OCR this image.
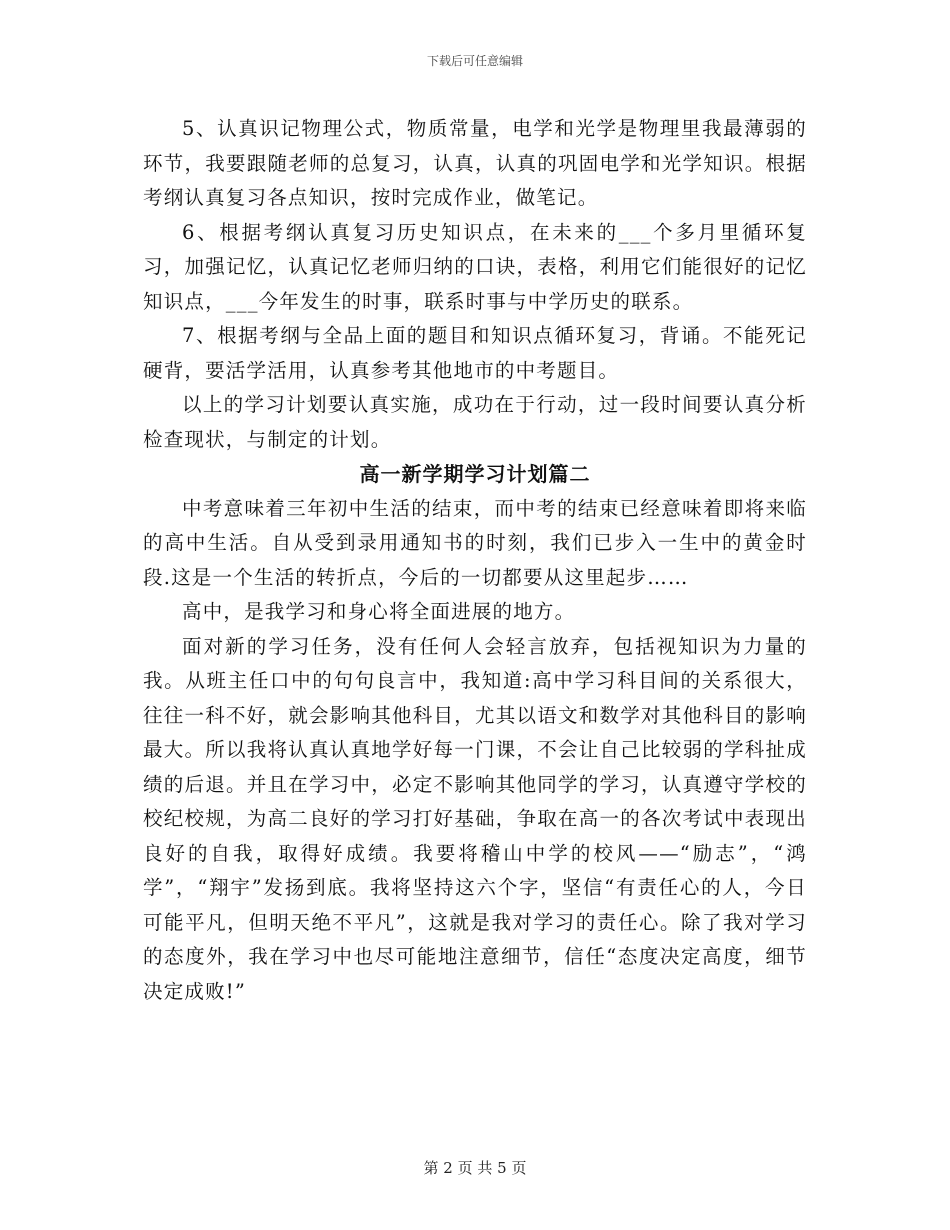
下载后可任意编辑

5、认真识记物理公式，物质常量，电学和光学是物理里我最薄弱的环节，我要跟随老师的总复习，认真，认真的巩固电学和光学知识。根据考纲认真复习各点知识，按时完成作业，做笔记。

6、根据考纲认真复习历史知识点，在未来的___个多月里循环复习，加强记忆，认真记忆老师归纳的口诀，表格，利用它们能很好的记忆知识点，___今年发生的时事，联系时事与中学历史的联系。

7、根据考纲与全品上面的题目和知识点循环复习，背诵。不能死记硬背，要活学活用，认真参考其他地市的中考题目。

以上的学习计划要认真实施，成功在于行动，过一段时间要认真分析检查现状，与制定的计划。

高一新学期学习计划篇二

中考意味着三年初中生活的结束，而中考的结束已经意味着即将来临的高中生活。自从受到录用通知书的时刻，我们已步入一生中的黄金时段.这是一个生活的转折点，今后的一切都要从这里起步……

高中，是我学习和身心将全面进展的地方。

面对新的学习任务，没有任何人会轻言放弃，包括视知识为力量的我。从班主任口中的句句良言中，我知道:高中学习科目间的关系很大，往往一科不好，就会影响其他科目，尤其以语文和数学对其他科目的影响最大。所以我将认真认真地学好每一门课，不会让自己比较弱的学科扯成绩的后退。并且在学习中，必定不影响其他同学的学习，认真遵守学校的校纪校规，为高二良好的学习打好基础，争取在高一的各次考试中表现出良好的自我，取得好成绩。我要将稽山中学的校风——“励志”，“鸿学”，“翔宇”发扬到底。我将坚持这六个字，坚信“有责任心的人，今日可能平凡，但明天绝不平凡”，这就是我对学习的责任心。除了我对学习的态度外，我在学习中也尽可能地注意细节，信任“态度决定高度，细节决定成败!”

第 2 页 共 5 页
